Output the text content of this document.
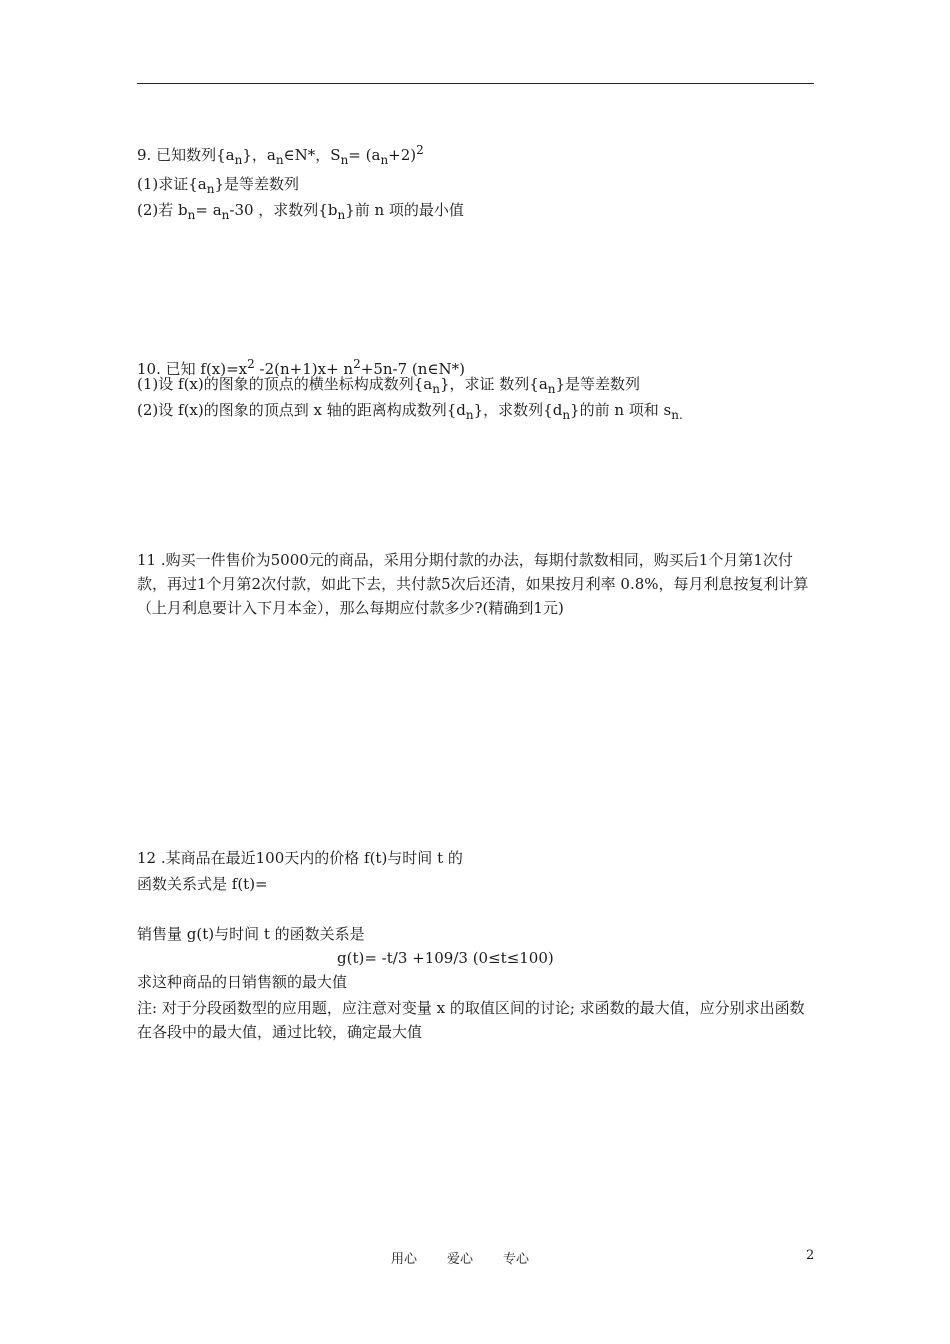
9. 已知数列$\{a_n\}$，$a_n\in N*$，$S_n= (a_n+2)^2$
(1)求证$\{a_n\}$是等差数列
(2)若 $b_n= a_n-30$ ，求数列$\{b_n\}$前 n 项的最小值
10. 已知 $f(x)=x^2$ $-2(n+1)x+ n^2+5n-7$ (n∈N*)
(1)设 f(x)的图象的顶点的横坐标构成数列$\{a_n\}$，求证 数列$\{a_n\}$是等差数列
(2)设 f(x)的图象的顶点到 x 轴的距离构成数列$\{d_n\}$，求数列$\{d_n\}$的前 n 项和 $s_{n.}$
11 .购买一件售价为5000元的商品，采用分期付款的办法，每期付款数相同，购买后1个月第1次付款，再过1个月第2次付款，如此下去，共付款5次后还清，如果按月利率 0.8%，每月利息按复利计算（上月利息要计入下月本金），那么每期应付款多少?(精确到1元)
12 .某商品在最近100天内的价格 f(t)与时间 t 的
函数关系式是 f(t)=
销售量 g(t)与时间 t 的函数关系是
g(t)= -t/3 +109/3 (0≤t≤100)
求这种商品的日销售额的最大值
注: 对于分段函数型的应用题，应注意对变量 x 的取值区间的讨论; 求函数的最大值，应分别求出函数在各段中的最大值，通过比较，确定最大值
用心 爱心 专心	2
